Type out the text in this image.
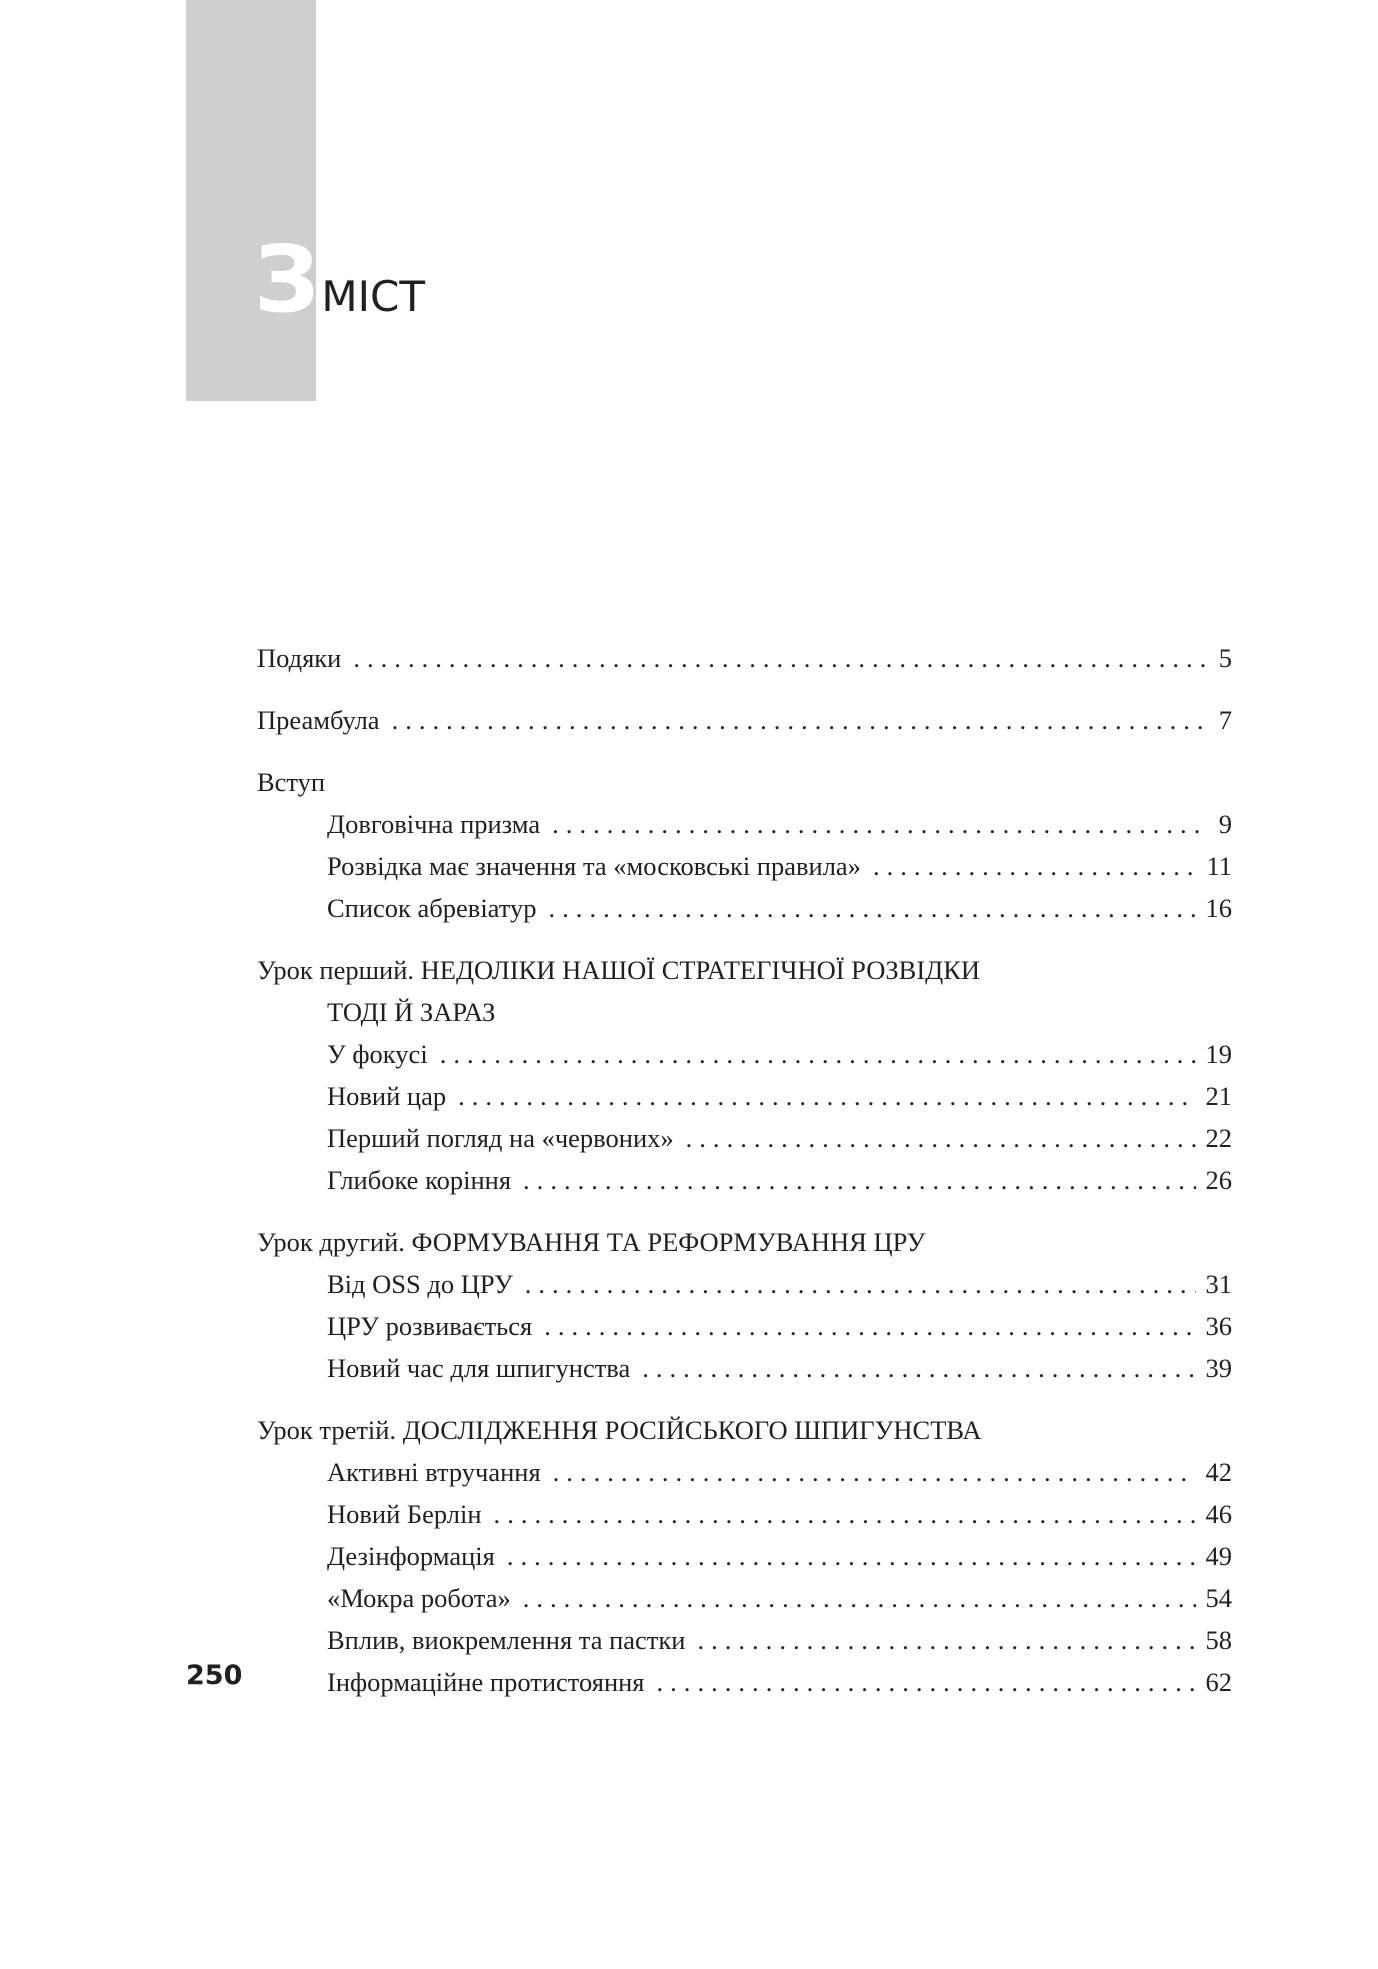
ЗМІСТ
Подяки . . .	5
Преамбула . . .	7
Вступ
Довговічна призма . . .	9
Розвідка має значення та «московські правила» . . .	11
Список абревіатур . . .	16
Урок перший. НЕДОЛІКИ НАШОЇ СТРАТЕГІЧНОЇ РОЗВІДКИ
ТОДІ Й ЗАРАЗ
У фокусі . . .	19
Новий цар . . .	21
Перший погляд на «червоних» . . .	22
Глибоке коріння . . .	26
Урок другий. ФОРМУВАННЯ ТА РЕФОРМУВАННЯ ЦРУ
Від OSS до ЦРУ . . .	31
ЦРУ розвивається . . .	36
Новий час для шпигунства . . .	39
Урок третій. ДОСЛІДЖЕННЯ РОСІЙСЬКОГО ШПИГУНСТВА
Активні втручання . . .	42
Новий Берлін . . .	46
Дезінформація . . .	49
«Мокра робота» . . .	54
Вплив, виокремлення та пастки . . .	58
Інформаційне протистояння . . .	62
250
